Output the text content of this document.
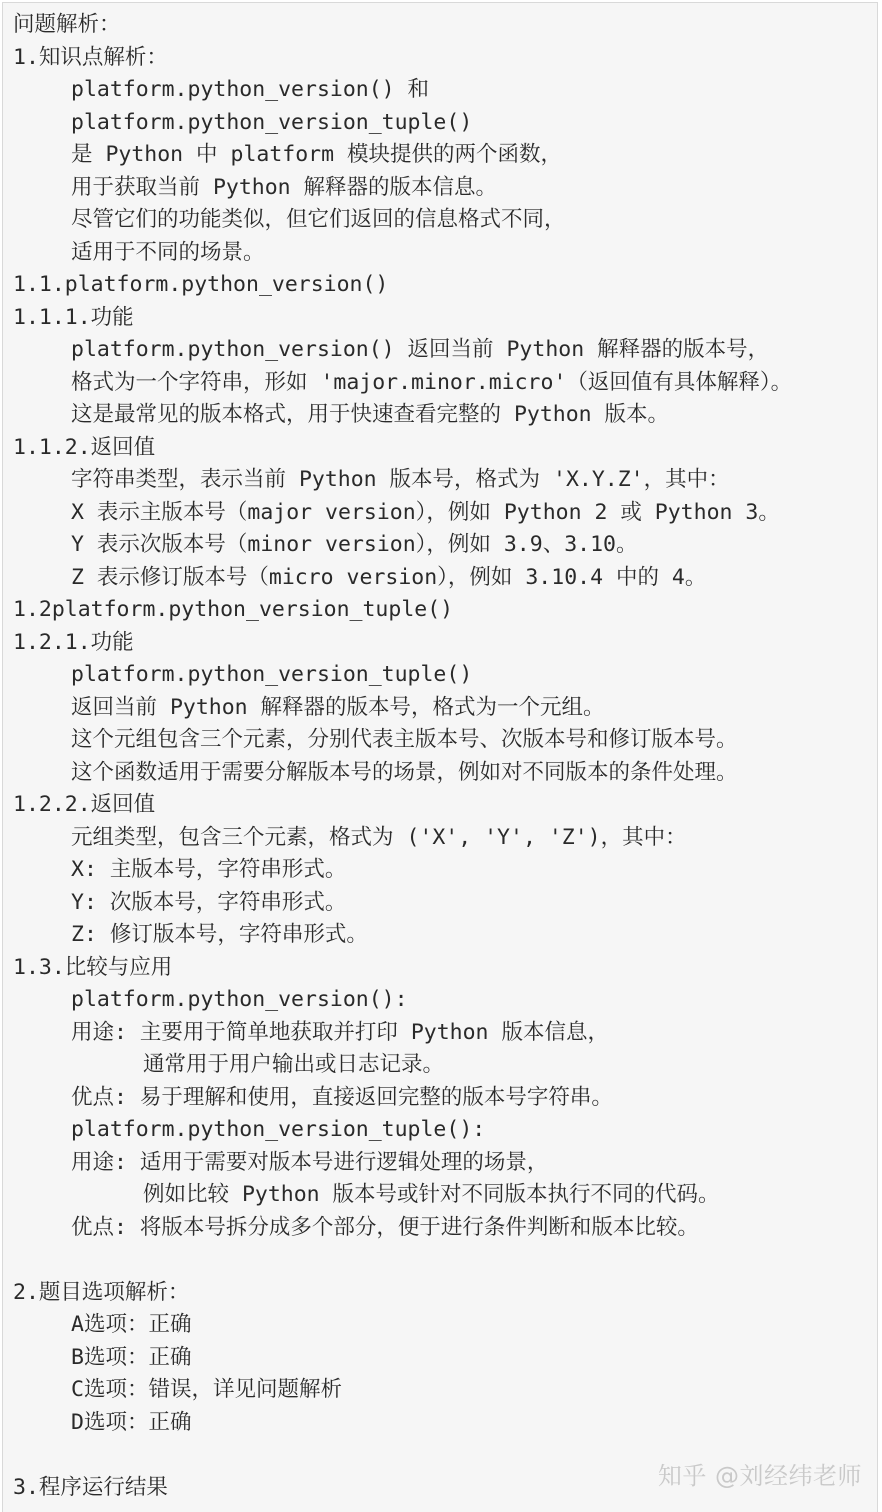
问题解析：
1.知识点解析：
platform.python_version() 和
platform.python_version_tuple()
是 Python 中 platform 模块提供的两个函数，
用于获取当前 Python 解释器的版本信息。
尽管它们的功能类似，但它们返回的信息格式不同，
适用于不同的场景。
1.1.platform.python_version()
1.1.1.功能
platform.python_version() 返回当前 Python 解释器的版本号，
格式为一个字符串，形如 'major.minor.micro'（返回值有具体解释）。
这是最常见的版本格式，用于快速查看完整的 Python 版本。
1.1.2.返回值
字符串类型，表示当前 Python 版本号，格式为 'X.Y.Z'，其中：
X 表示主版本号（major version），例如 Python 2 或 Python 3。
Y 表示次版本号（minor version），例如 3.9、3.10。
Z 表示修订版本号（micro version），例如 3.10.4 中的 4。
1.2platform.python_version_tuple()
1.2.1.功能
platform.python_version_tuple()
返回当前 Python 解释器的版本号，格式为一个元组。
这个元组包含三个元素，分别代表主版本号、次版本号和修订版本号。
这个函数适用于需要分解版本号的场景，例如对不同版本的条件处理。
1.2.2.返回值
元组类型，包含三个元素，格式为 ('X', 'Y', 'Z')，其中：
X: 主版本号，字符串形式。
Y: 次版本号，字符串形式。
Z: 修订版本号，字符串形式。
1.3.比较与应用
platform.python_version():
用途: 主要用于简单地获取并打印 Python 版本信息，
通常用于用户输出或日志记录。
优点: 易于理解和使用，直接返回完整的版本号字符串。
platform.python_version_tuple():
用途: 适用于需要对版本号进行逻辑处理的场景，
例如比较 Python 版本号或针对不同版本执行不同的代码。
优点: 将版本号拆分成多个部分，便于进行条件判断和版本比较。
2.题目选项解析：
A选项：正确
B选项：正确
C选项：错误，详见问题解析
D选项：正确
3.程序运行结果	知乎 @刘经纬老师
